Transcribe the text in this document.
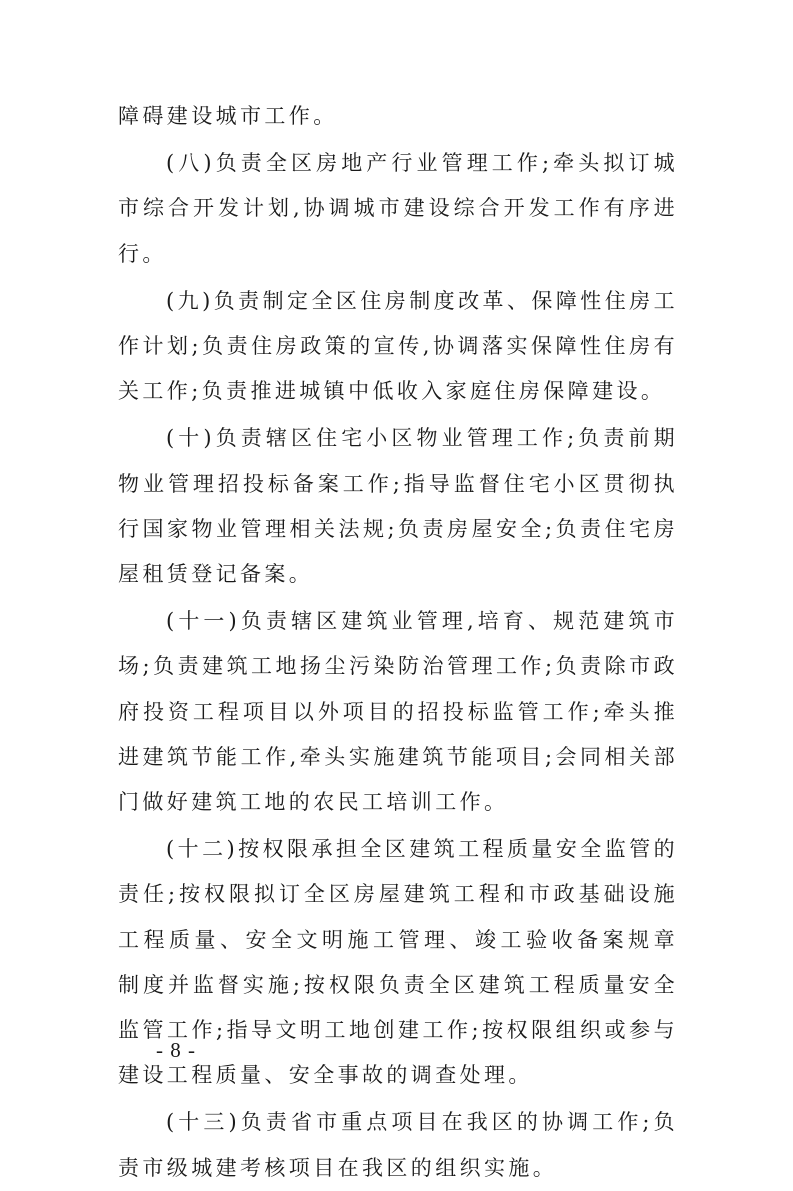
障碍建设城市工作。

(八)负责全区房地产行业管理工作;牵头拟订城市综合开发计划,协调城市建设综合开发工作有序进行。

(九)负责制定全区住房制度改革、保障性住房工作计划;负责住房政策的宣传,协调落实保障性住房有关工作;负责推进城镇中低收入家庭住房保障建设。

(十)负责辖区住宅小区物业管理工作;负责前期物业管理招投标备案工作;指导监督住宅小区贯彻执行国家物业管理相关法规;负责房屋安全;负责住宅房屋租赁登记备案。

(十一)负责辖区建筑业管理,培育、规范建筑市场;负责建筑工地扬尘污染防治管理工作;负责除市政府投资工程项目以外项目的招投标监管工作;牵头推进建筑节能工作,牵头实施建筑节能项目;会同相关部门做好建筑工地的农民工培训工作。

(十二)按权限承担全区建筑工程质量安全监管的责任;按权限拟订全区房屋建筑工程和市政基础设施工程质量、安全文明施工管理、竣工验收备案规章制度并监督实施;按权限负责全区建筑工程质量安全监管工作;指导文明工地创建工作;按权限组织或参与建设工程质量、安全事故的调查处理。

(十三)负责省市重点项目在我区的协调工作;负责市级城建考核项目在我区的组织实施。

- 8 -
